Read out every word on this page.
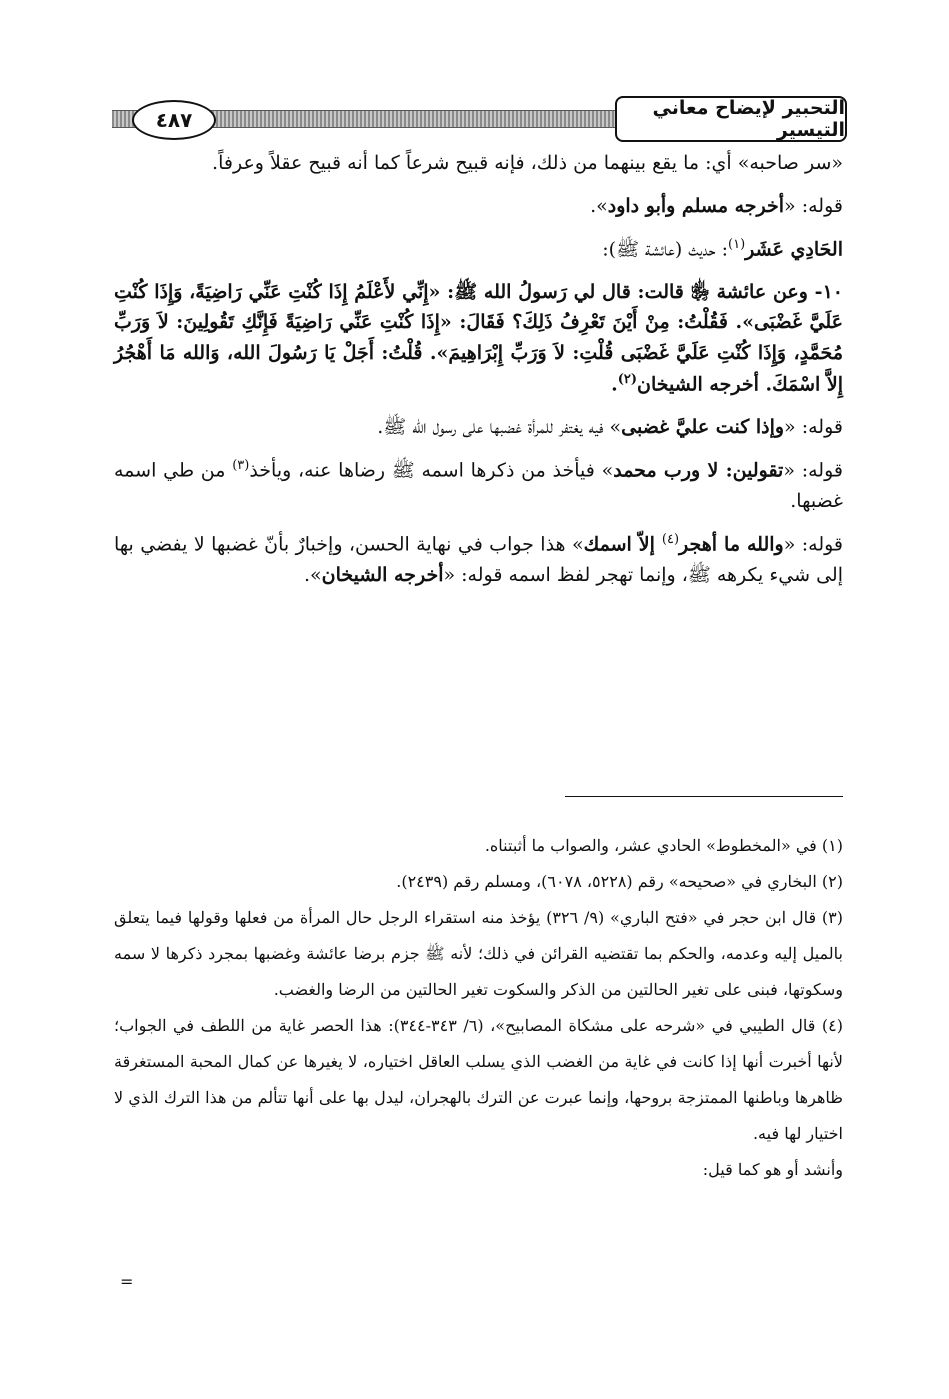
٤٨٧	التحبير لإيضاح معاني التيسير

«سر صاحبه» أي: ما يقع بينهما من ذلك، فإنه قبيح شرعاً كما أنه قبيح عقلاً وعرفاً.

قوله: «أخرجه مسلم وأبو داود».

الحَادِي عَشَر$^{(١)}$: حديث (عائشة ﷺ):

١٠- وعن عائشة ﵂ قالت: قال لي رَسولُ الله ﷺ: «إِنِّي لأَعْلَمُ إِذَا كُنْتِ عَنِّي رَاضِيَةً، وَإِذَا كُنْتِ عَلَيَّ غَضْبَى». فَقُلْتُ: مِنْ أَيْنَ تَعْرِفُ ذَلِكَ؟ فَقَالَ: «إِذَا كُنْتِ عَنِّي رَاضِيَةً فَإِنَّكِ تَقُولِينَ: لاَ وَرَبِّ مُحَمَّدٍ، وَإِذَا كُنْتِ عَلَيَّ غَضْبَى قُلْتِ: لاَ وَرَبِّ إِبْرَاهِيمَ». قُلْتُ: أَجَلْ يَا رَسُولَ الله، وَالله مَا أَهْجُرُ إِلاَّ اسْمَكَ. أخرجه الشيخان$^{(٢)}$.

قوله: «وإذا كنت عليَّ غضبى» فيه يغتفر للمرأة غضبها على رسول الله ﷺ.

قوله: «تقولين: لا ورب محمد» فيأخذ من ذكرها اسمه ﷺ رضاها عنه، ويأخذ$^{(٣)}$ من طي اسمه غضبها.

قوله: «والله ما أهجر$^{(٤)}$ إلاّ اسمك» هذا جواب في نهاية الحسن، وإخبارٌ بأنّ غضبها لا يفضي بها إلى شيء يكرهه ﷺ، وإنما تهجر لفظ اسمه قوله: «أخرجه الشيخان».

(١) في «المخطوط» الحادي عشر، والصواب ما أثبتناه.

(٢) البخاري في «صحيحه» رقم (٥٢٢٨، ٦٠٧٨)، ومسلم رقم (٢٤٣٩).

(٣) قال ابن حجر في «فتح الباري» (٩/ ٣٢٦) يؤخذ منه استقراء الرجل حال المرأة من فعلها وقولها فيما يتعلق بالميل إليه وعدمه، والحكم بما تقتضيه القرائن في ذلك؛ لأنه ﷺ جزم برضا عائشة وغضبها بمجرد ذكرها لا سمه وسكوتها، فبنى على تغير الحالتين من الذكر والسكوت تغير الحالتين من الرضا والغضب.

(٤) قال الطيبي في «شرحه على مشكاة المصابيح»، (٦/ ٣٤٣-٣٤٤): هذا الحصر غاية من اللطف في الجواب؛ لأنها أخبرت أنها إذا كانت في غاية من الغضب الذي يسلب العاقل اختياره، لا يغيرها عن كمال المحبة المستغرقة ظاهرها وباطنها الممتزجة بروحها، وإنما عبرت عن الترك بالهجران، ليدل بها على أنها تتألم من هذا الترك الذي لا اختيار لها فيه.

وأنشد أو هو كما قيل:

=
